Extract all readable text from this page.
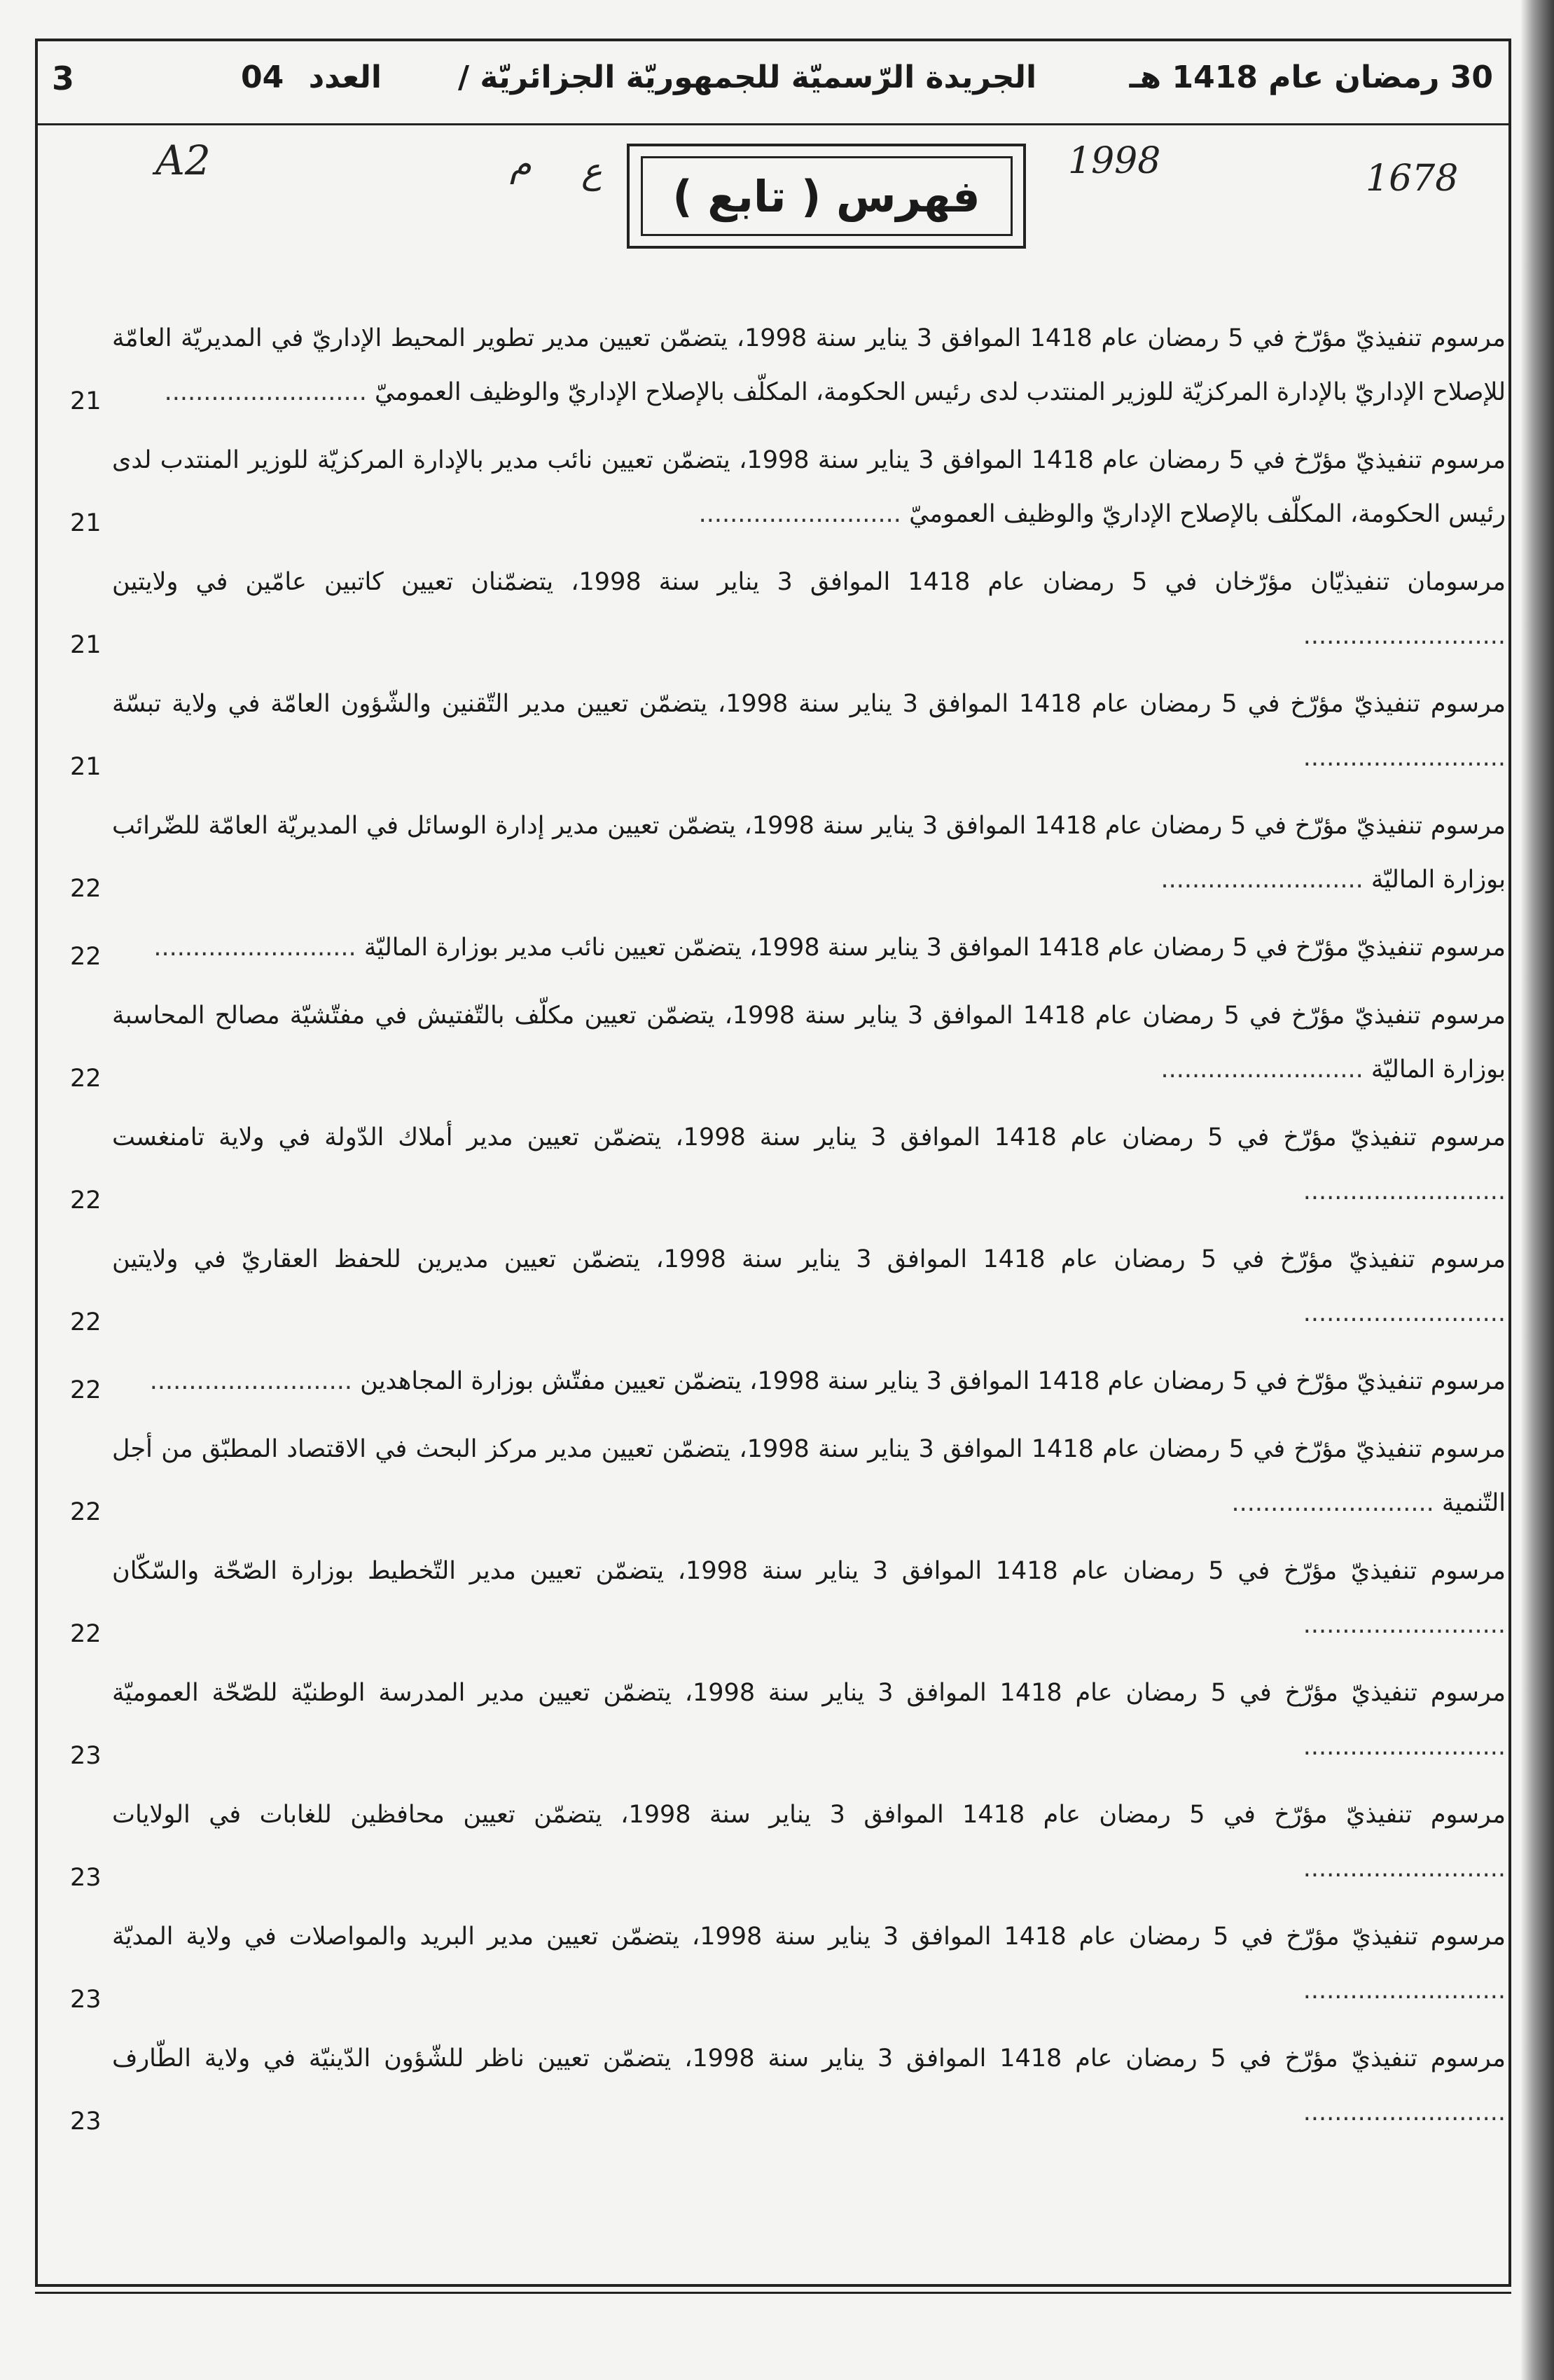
3	العدد 04	الجريدة الرّسميّة للجمهوريّة الجزائريّة /	30 رمضان عام 1418 هـ
A2	م ع	1998	1678
فهرس ( تابع )
مرسوم تنفيذيّ مؤرّخ في 5 رمضان عام 1418 الموافق 3 يناير سنة 1998، يتضمّن تعيين مدير تطوير المحيط الإداريّ في المديريّة العامّة للإصلاح الإداريّ بالإدارة المركزيّة للوزير المنتدب لدى رئيس الحكومة، المكلّف بالإصلاح الإداريّ والوظيف العموميّ ..........................
21
مرسوم تنفيذيّ مؤرّخ في 5 رمضان عام 1418 الموافق 3 يناير سنة 1998، يتضمّن تعيين نائب مدير بالإدارة المركزيّة للوزير المنتدب لدى رئيس الحكومة، المكلّف بالإصلاح الإداريّ والوظيف العموميّ ..........................
21
مرسومان تنفيذيّان مؤرّخان في 5 رمضان عام 1418 الموافق 3 يناير سنة 1998، يتضمّنان تعيين كاتبين عامّين في ولايتين ..........................
21
مرسوم تنفيذيّ مؤرّخ في 5 رمضان عام 1418 الموافق 3 يناير سنة 1998، يتضمّن تعيين مدير التّقنين والشّؤون العامّة في ولاية تبسّة ..........................
21
مرسوم تنفيذيّ مؤرّخ في 5 رمضان عام 1418 الموافق 3 يناير سنة 1998، يتضمّن تعيين مدير إدارة الوسائل في المديريّة العامّة للضّرائب بوزارة الماليّة ..........................
22
مرسوم تنفيذيّ مؤرّخ في 5 رمضان عام 1418 الموافق 3 يناير سنة 1998، يتضمّن تعيين نائب مدير بوزارة الماليّة ..........................
22
مرسوم تنفيذيّ مؤرّخ في 5 رمضان عام 1418 الموافق 3 يناير سنة 1998، يتضمّن تعيين مكلّف بالتّفتيش في مفتّشيّة مصالح المحاسبة بوزارة الماليّة ..........................
22
مرسوم تنفيذيّ مؤرّخ في 5 رمضان عام 1418 الموافق 3 يناير سنة 1998، يتضمّن تعيين مدير أملاك الدّولة في ولاية تامنغست ..........................
22
مرسوم تنفيذيّ مؤرّخ في 5 رمضان عام 1418 الموافق 3 يناير سنة 1998، يتضمّن تعيين مديرين للحفظ العقاريّ في ولايتين ..........................
22
مرسوم تنفيذيّ مؤرّخ في 5 رمضان عام 1418 الموافق 3 يناير سنة 1998، يتضمّن تعيين مفتّش بوزارة المجاهدين ..........................
22
مرسوم تنفيذيّ مؤرّخ في 5 رمضان عام 1418 الموافق 3 يناير سنة 1998، يتضمّن تعيين مدير مركز البحث في الاقتصاد المطبّق من أجل التّنمية ..........................
22
مرسوم تنفيذيّ مؤرّخ في 5 رمضان عام 1418 الموافق 3 يناير سنة 1998، يتضمّن تعيين مدير التّخطيط بوزارة الصّحّة والسّكّان ..........................
22
مرسوم تنفيذيّ مؤرّخ في 5 رمضان عام 1418 الموافق 3 يناير سنة 1998، يتضمّن تعيين مدير المدرسة الوطنيّة للصّحّة العموميّة ..........................
23
مرسوم تنفيذيّ مؤرّخ في 5 رمضان عام 1418 الموافق 3 يناير سنة 1998، يتضمّن تعيين محافظين للغابات في الولايات ..........................
23
مرسوم تنفيذيّ مؤرّخ في 5 رمضان عام 1418 الموافق 3 يناير سنة 1998، يتضمّن تعيين مدير البريد والمواصلات في ولاية المديّة ..........................
23
مرسوم تنفيذيّ مؤرّخ في 5 رمضان عام 1418 الموافق 3 يناير سنة 1998، يتضمّن تعيين ناظر للشّؤون الدّينيّة في ولاية الطّارف ..........................
23
